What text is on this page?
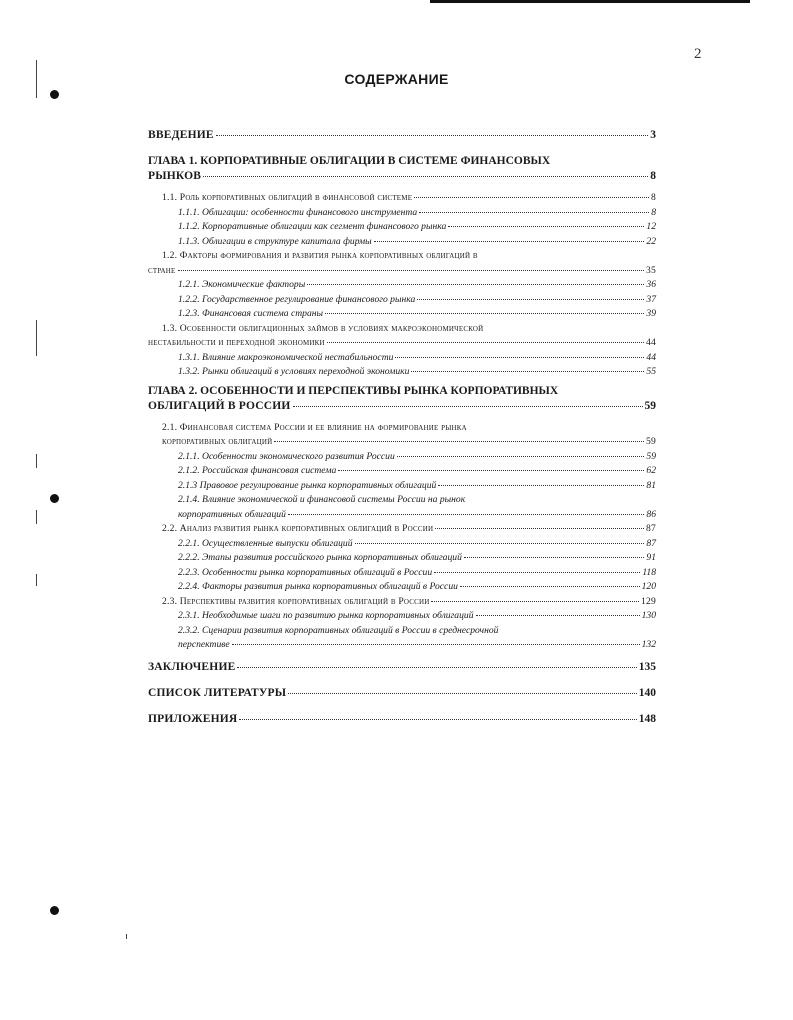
2
СОДЕРЖАНИЕ
ВВЕДЕНИЕ	3
ГЛАВА 1. КОРПОРАТИВНЫЕ ОБЛИГАЦИИ В СИСТЕМЕ ФИНАНСОВЫХ
РЫНКОВ	8
1.1. Роль корпоративных облигаций в финансовой системе	8
1.1.1. Облигации: особенности финансового инструмента	8
1.1.2. Корпоративные облигации как сегмент финансового рынка	12
1.1.3. Облигации в структуре капитала фирмы	22
1.2. Факторы формирования и развития рынка корпоративных облигаций в
стране	35
1.2.1. Экономические факторы	36
1.2.2. Государственное регулирование финансового рынка	37
1.2.3. Финансовая система страны	39
1.3. Особенности облигационных займов в условиях макроэкономической
нестабильности и переходной экономики	44
1.3.1. Влияние макроэкономической нестабильности	44
1.3.2. Рынки облигаций в условиях переходной экономики	55
ГЛАВА 2. ОСОБЕННОСТИ И ПЕРСПЕКТИВЫ РЫНКА КОРПОРАТИВНЫХ
ОБЛИГАЦИЙ В РОССИИ	59
2.1. Финансовая система России и ее влияние на формирование рынка
корпоративных облигаций	59
2.1.1. Особенности экономического развития России	59
2.1.2. Российская финансовая система	62
2.1.3 Правовое регулирование рынка корпоративных облигаций	81
2.1.4. Влияние экономической и финансовой системы России на рынок
корпоративных облигаций	86
2.2. Анализ развития рынка корпоративных облигаций в России	87
2.2.1. Осуществленные выпуски облигаций	87
2.2.2. Этапы развития российского рынка корпоративных облигаций	91
2.2.3. Особенности рынка корпоративных облигаций в России	118
2.2.4. Факторы развития рынка корпоративных облигаций в России	120
2.3. Перспективы развития корпоративных облигаций в России	129
2.3.1. Необходимые шаги по развитию рынка корпоративных облигаций	130
2.3.2. Сценарии развития корпоративных облигаций в России в среднесрочной
перспективе	132
ЗАКЛЮЧЕНИЕ	135
СПИСОК ЛИТЕРАТУРЫ	140
ПРИЛОЖЕНИЯ	148
